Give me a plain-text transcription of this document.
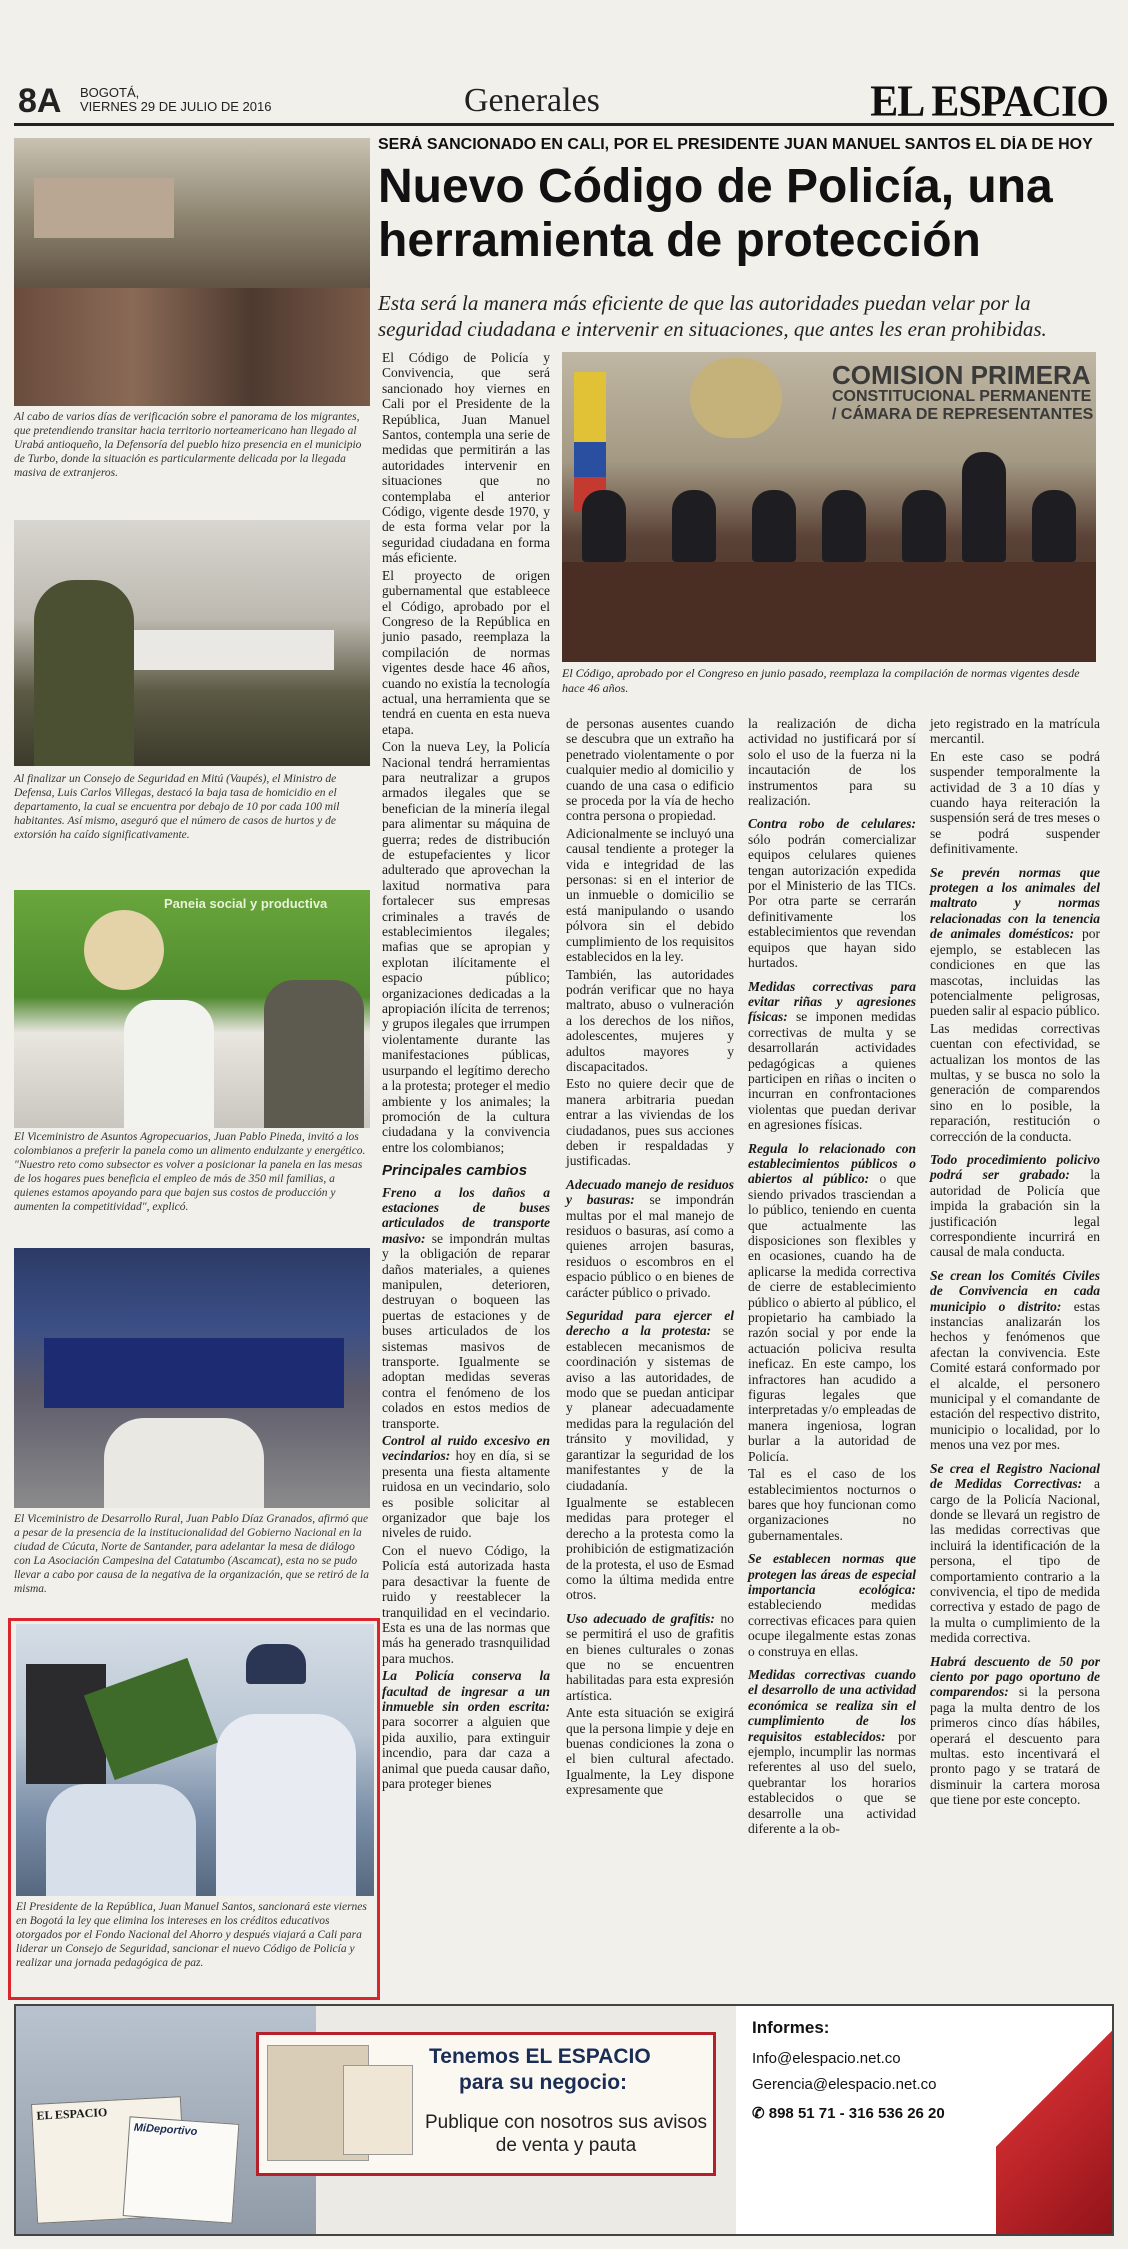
8A BOGOTÁ,
VIERNES 29 DE JULIO DE 2016	Generales	EL ESPACIO
Al cabo de varios días de verificación sobre el panorama de los migrantes, que pretendiendo transitar hacia territorio norteamericano han llegado al Urabá antioqueño, la Defensoría del pueblo hizo presencia en el municipio de Turbo, donde la situación es particularmente delicada por la llegada masiva de extranjeros.
Al finalizar un Consejo de Seguridad en Mitú (Vaupés), el Ministro de Defensa, Luis Carlos Villegas, destacó la baja tasa de homicidio en el departamento, la cual se encuentra por debajo de 10 por cada 100 mil habitantes. Así mismo, aseguró que el número de casos de hurtos y de extorsión ha caído significativamente.
Paneia social y productiva
El Viceministro de Asuntos Agropecuarios, Juan Pablo Pineda, invitó a los colombianos a preferir la panela como un alimento endulzante y energético. "Nuestro reto como subsector es volver a posicionar la panela en las mesas de los hogares pues beneficia el empleo de más de 350 mil familias, a quienes estamos apoyando para que bajen sus costos de producción y aumenten la competitividad", explicó.
El Viceministro de Desarrollo Rural, Juan Pablo Díaz Granados, afirmó que a pesar de la presencia de la institucionalidad del Gobierno Nacional en la ciudad de Cúcuta, Norte de Santander, para adelantar la mesa de diálogo con La Asociación Campesina del Catatumbo (Ascamcat), esta no se pudo llevar a cabo por causa de la negativa de la organización, que se retiró de la misma.
El Presidente de la República, Juan Manuel Santos, sancionará este viernes en Bogotá la ley que elimina los intereses en los créditos educativos otorgados por el Fondo Nacional del Ahorro y después viajará a Cali para liderar un Consejo de Seguridad, sancionar el nuevo Código de Policía y realizar una jornada pedagógica de paz.
SERÁ SANCIONADO EN CALI, POR EL PRESIDENTE JUAN MANUEL SANTOS EL DÍA DE HOY
Nuevo Código de Policía, una herramienta de protección
Esta será la manera más eficiente de que las autoridades puedan velar por la seguridad ciudadana e intervenir en situaciones, que antes les eran prohibidas.
COMISION PRIMERA
CONSTITUCIONAL PERMANENTE / CÁMARA DE REPRESENTANTES
El Código, aprobado por el Congreso en junio pasado, reemplaza la compilación de normas vigentes desde hace 46 años.

El Código de Policía y Convivencia, que será sancionado hoy viernes en Cali por el Presidente de la República, Juan Manuel Santos, contempla una serie de medidas que permitirán a las autoridades intervenir en situaciones que no contemplaba el anterior Código, vigente desde 1970, y de esta forma velar por la seguridad ciudadana en forma más eficiente.

El proyecto de origen gubernamental que estableece el Código, aprobado por el Congreso de la República en junio pasado, reemplaza la compilación de normas vigentes desde hace 46 años, cuando no existía la tecnología actual, una herramienta que se tendrá en cuenta en esta nueva etapa.

Con la nueva Ley, la Policía Nacional tendrá herramientas para neutralizar a grupos armados ilegales que se benefician de la minería ilegal para alimentar su máquina de guerra; redes de distribución de estupefacientes y licor adulterado que aprovechan la laxitud normativa para fortalecer sus empresas criminales a través de establecimientos ilegales; mafias que se apropian y explotan ilícitamente el espacio público; organizaciones dedicadas a la apropiación ilícita de terrenos; y grupos ilegales que irrumpen violentamente durante las manifestaciones públicas, usurpando el legítimo derecho a la protesta; proteger el medio ambiente y los animales; la promoción de la cultura ciudadana y la convivencia entre los colombianos;

Principales cambios

Freno a los daños a estaciones de buses articulados de transporte masivo: se impondrán multas y la obligación de reparar daños materiales, a quienes manipulen, deterioren, destruyan o boqueen las puertas de estaciones y de buses articulados de los sistemas masivos de transporte. Igualmente se adoptan medidas severas contra el fenómeno de los colados en estos medios de transporte.

Control al ruido excesivo en vecindarios: hoy en día, si se presenta una fiesta altamente ruidosa en un vecindario, solo es posible solicitar al organizador que baje los niveles de ruido.

Con el nuevo Código, la Policía está autorizada hasta para desactivar la fuente de ruido y reestablecer la tranquilidad en el vecindario. Esta es una de las normas que más ha generado trasnquilidad para muchos.

La Policía conserva la facultad de ingresar a un inmueble sin orden escrita: para socorrer a alguien que pida auxilio, para extinguir incendio, para dar caza a animal que pueda causar daño, para proteger bienes

de personas ausentes cuando se descubra que un extraño ha penetrado violentamente o por cualquier medio al domicilio y cuando de una casa o edificio se proceda por la vía de hecho contra persona o propiedad.

Adicionalmente se incluyó una causal tendiente a proteger la vida e integridad de las personas: si en el interior de un inmueble o domicilio se está manipulando o usando pólvora sin el debido cumplimiento de los requisitos establecidos en la ley.

También, las autoridades podrán verificar que no haya maltrato, abuso o vulneración a los derechos de los niños, adolescentes, mujeres y adultos mayores y discapacitados.

Esto no quiere decir que de manera arbitraria puedan entrar a las viviendas de los ciudadanos, pues sus acciones deben ir respaldadas y justificadas.

Adecuado manejo de residuos y basuras: se impondrán multas por el mal manejo de residuos o basuras, así como a quienes arrojen basuras, residuos o escombros en el espacio público o en bienes de carácter público o privado.

Seguridad para ejercer el derecho a la protesta: se establecen mecanismos de coordinación y sistemas de aviso a las autoridades, de modo que se puedan anticipar y planear adecuadamente medidas para la regulación del tránsito y movilidad, y garantizar la seguridad de los manifestantes y de la ciudadanía.

Igualmente se establecen medidas para proteger el derecho a la protesta como la prohibición de estigmatización de la protesta, el uso de Esmad como la última medida entre otros.

Uso adecuado de grafitis: no se permitirá el uso de grafitis en bienes culturales o zonas que no se encuentren habilitadas para esta expresión artística.

Ante esta situación se exigirá que la persona limpie y deje en buenas condiciones la zona o el bien cultural afectado. Igualmente, la Ley dispone expresamente que

la realización de dicha actividad no justificará por sí solo el uso de la fuerza ni la incautación de los instrumentos para su realización.

Contra robo de celulares: sólo podrán comercializar equipos celulares quienes tengan autorización expedida por el Ministerio de las TICs. Por otra parte se cerrarán definitivamente los establecimientos que revendan equipos que hayan sido hurtados.

Medidas correctivas para evitar riñas y agresiones físicas: se imponen medidas correctivas de multa y se desarrollarán actividades pedagógicas a quienes participen en riñas o inciten o incurran en confrontaciones violentas que puedan derivar en agresiones físicas.

Regula lo relacionado con establecimientos públicos o abiertos al público: o que siendo privados trasciendan a lo público, teniendo en cuenta que actualmente las disposiciones son flexibles y en ocasiones, cuando ha de aplicarse la medida correctiva de cierre de establecimiento público o abierto al público, el propietario ha cambiado la razón social y por ende la actuación policiva resulta ineficaz. En este campo, los infractores han acudido a figuras legales que interpretadas y/o empleadas de manera ingeniosa, logran burlar a la autoridad de Policía.

Tal es el caso de los establecimientos nocturnos o bares que hoy funcionan como organizaciones no gubernamentales.

Se establecen normas que protegen las áreas de especial importancia ecológica: estableciendo medidas correctivas eficaces para quien ocupe ilegalmente estas zonas o construya en ellas.

Medidas correctivas cuando el desarrollo de una actividad económica se realiza sin el cumplimiento de los requisitos establecidos: por ejemplo, incumplir las normas referentes al uso del suelo, quebrantar los horarios establecidos o que se desarrolle una actividad diferente a la ob-

jeto registrado en la matrícula mercantil.

En este caso se podrá suspender temporalmente la actividad de 3 a 10 días y cuando haya reiteración la suspensión será de tres meses o se podrá suspender definitivamente.

Se prevén normas que protegen a los animales del maltrato y normas relacionadas con la tenencia de animales domésticos: por ejemplo, se establecen las condiciones en que las mascotas, incluidas las potencialmente peligrosas, pueden salir al espacio público.

Las medidas correctivas cuentan con efectividad, se actualizan los montos de las multas, y se busca no solo la generación de comparendos sino en lo posible, la reparación, restitución o corrección de la conducta.

Todo procedimiento policivo podrá ser grabado: la autoridad de Policía que impida la grabación sin la justificación legal correspondiente incurrirá en causal de mala conducta.

Se crean los Comités Civiles de Convivencia en cada municipio o distrito: estas instancias analizarán los hechos y fenómenos que afectan la convivencia. Este Comité estará conformado por el alcalde, el personero municipal y el comandante de estación del respectivo distrito, municipio o localidad, por lo menos una vez por mes.

Se crea el Registro Nacional de Medidas Correctivas: a cargo de la Policía Nacional, donde se llevará un registro de las medidas correctivas que incluirá la identificación de la persona, el tipo de comportamiento contrario a la convivencia, el tipo de medida correctiva y estado de pago de la multa o cumplimiento de la medida correctiva.

Habrá descuento de 50 por ciento por pago oportuno de comparendos: si la persona paga la multa dentro de los primeros cinco días hábiles, operará el descuento para multas. esto incentivará el pronto pago y se tratará de disminuir la cartera morosa que tiene por este concepto.

EL ESPACIO
MiDeportivo
Tenemos EL ESPACIO
para su negocio:
Publique con nosotros sus avisos de venta y pauta
Informes:
Info@elespacio.net.co
Gerencia@elespacio.net.co
✆ 898 51 71 - 316 536 26 20
